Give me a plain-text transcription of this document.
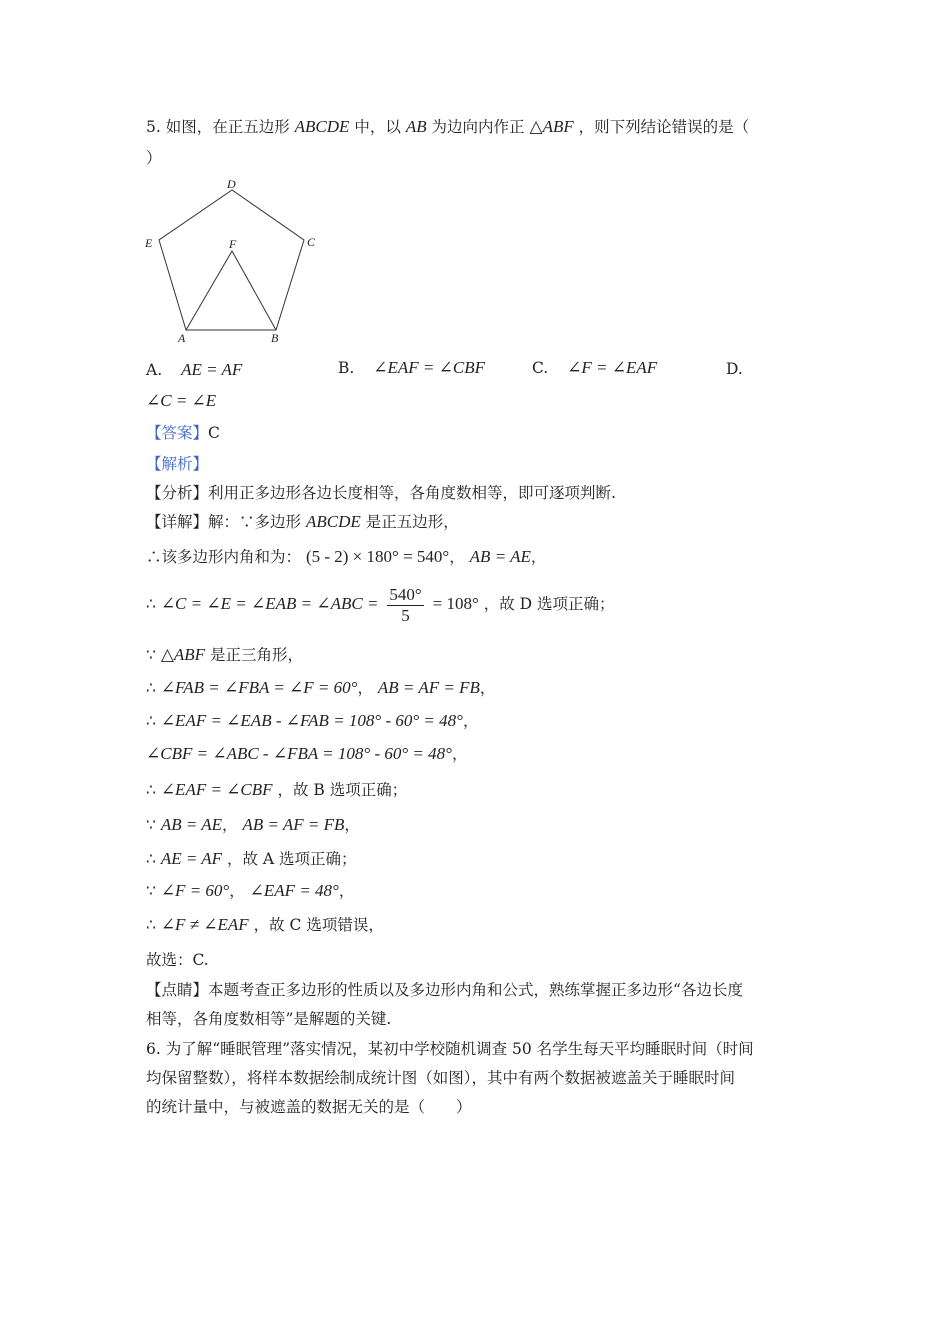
5. 如图，在正五边形 ABCDE 中，以 AB 为边向内作正 △ABF ，则下列结论错误的是（
）
D
E	C
F
A	B
A. AE = AF	B. ∠EAF = ∠CBF	C. ∠F = ∠EAF	D.
∠C = ∠E
【答案】C
【解析】
【分析】利用正多边形各边长度相等，各角度数相等，即可逐项判断.
【详解】解：∵多边形 ABCDE 是正五边形，
∴该多边形内角和为： (5 - 2) × 180° = 540°， AB = AE，
∴ ∠C = ∠E = ∠EAB = ∠ABC = $\frac{540^\circ}{5} = 108^\circ$ ，故 D 选项正确；
∵ △ABF 是正三角形，
∴ ∠FAB = ∠FBA = ∠F = 60°， AB = AF = FB，
∴ ∠EAF = ∠EAB - ∠FAB = 108° - 60° = 48°，
∠CBF = ∠ABC - ∠FBA = 108° - 60° = 48°，
∴ ∠EAF = ∠CBF ，故 B 选项正确；
∵ AB = AE， AB = AF = FB，
∴ AE = AF ，故 A 选项正确；
∵ ∠F = 60°， ∠EAF = 48°，
∴ ∠F ≠ ∠EAF ，故 C 选项错误，
故选：C.
【点睛】本题考查正多边形的性质以及多边形内角和公式，熟练掌握正多边形“各边长度
相等，各角度数相等”是解题的关键.
6. 为了解“睡眠管理”落实情况，某初中学校随机调查 50 名学生每天平均睡眠时间（时间
均保留整数），将样本数据绘制成统计图（如图），其中有两个数据被遮盖关于睡眠时间
的统计量中，与被遮盖的数据无关的是（　　）
